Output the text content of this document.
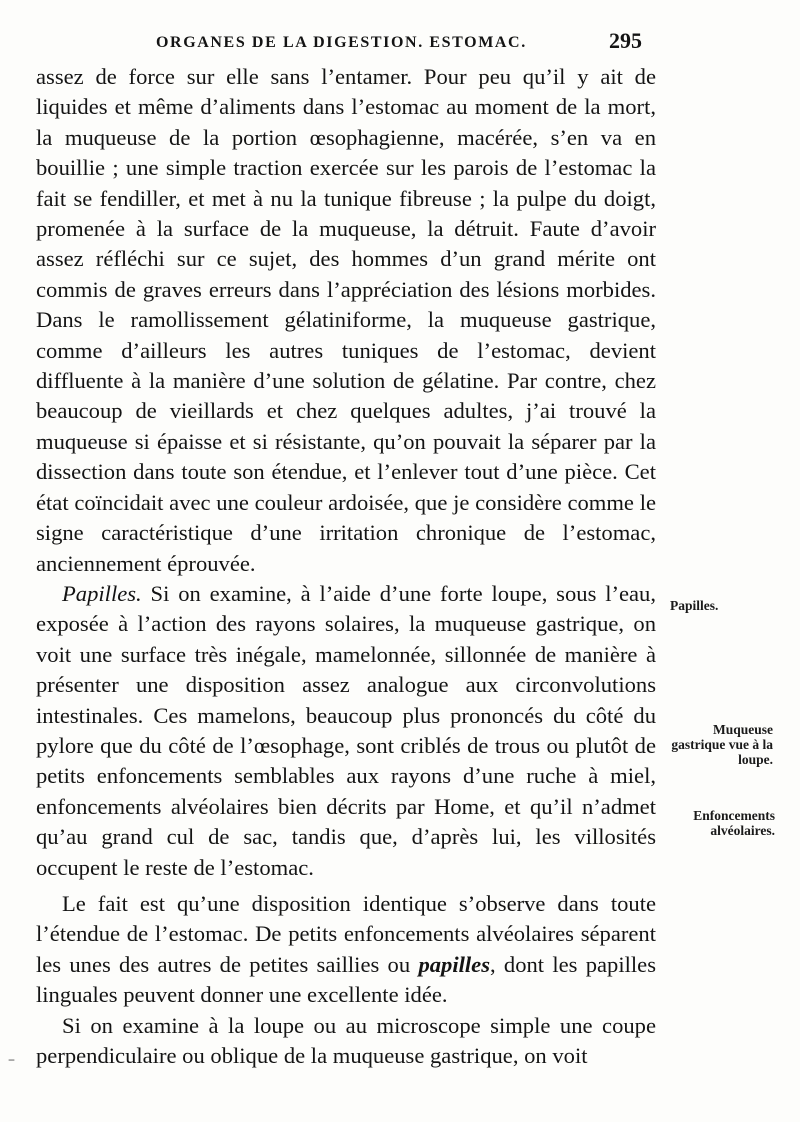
ORGANES DE LA DIGESTION. ESTOMAC.	295

assez de force sur elle sans l’entamer. Pour peu qu’il y ait de liquides et même d’aliments dans l’estomac au moment de la mort, la muqueuse de la portion œsophagienne, macérée, s’en va en bouillie ; une simple traction exercée sur les parois de l’estomac la fait se fendiller, et met à nu la tunique fibreuse ; la pulpe du doigt, promenée à la surface de la muqueuse, la détruit. Faute d’avoir assez réfléchi sur ce sujet, des hommes d’un grand mérite ont commis de graves erreurs dans l’appréciation des lésions morbides. Dans le ramollissement gélatiniforme, la muqueuse gastrique, comme d’ailleurs les autres tuniques de l’estomac, devient diffluente à la manière d’une solution de gélatine. Par contre, chez beaucoup de vieillards et chez quelques adultes, j’ai trouvé la muqueuse si épaisse et si résistante, qu’on pouvait la séparer par la dissection dans toute son étendue, et l’enlever tout d’une pièce. Cet état coïncidait avec une couleur ardoisée, que je considère comme le signe caractéristique d’une irritation chronique de l’estomac, anciennement éprouvée.

Papilles. Si on examine, à l’aide d’une forte loupe, sous l’eau, exposée à l’action des rayons solaires, la muqueuse gastrique, on voit une surface très inégale, mamelonnée, sillonnée de manière à présenter une disposition assez analogue aux circonvolutions intestinales. Ces mamelons, beaucoup plus prononcés du côté du pylore que du côté de l’œsophage, sont criblés de trous ou plutôt de petits enfoncements semblables aux rayons d’une ruche à miel, enfoncements alvéolaires bien décrits par Home, et qu’il n’admet qu’au grand cul de sac, tandis que, d’après lui, les villosités occupent le reste de l’estomac.

Le fait est qu’une disposition identique s’observe dans toute l’étendue de l’estomac. De petits enfoncements alvéolaires séparent les unes des autres de petites saillies ou papilles, dont les papilles linguales peuvent donner une excellente idée.

Si on examine à la loupe ou au microscope simple une coupe perpendiculaire ou oblique de la muqueuse gastrique, on voit

Papilles.
Muqueuse gastrique vue à la loupe.
Enfoncements alvéolaires.
–
